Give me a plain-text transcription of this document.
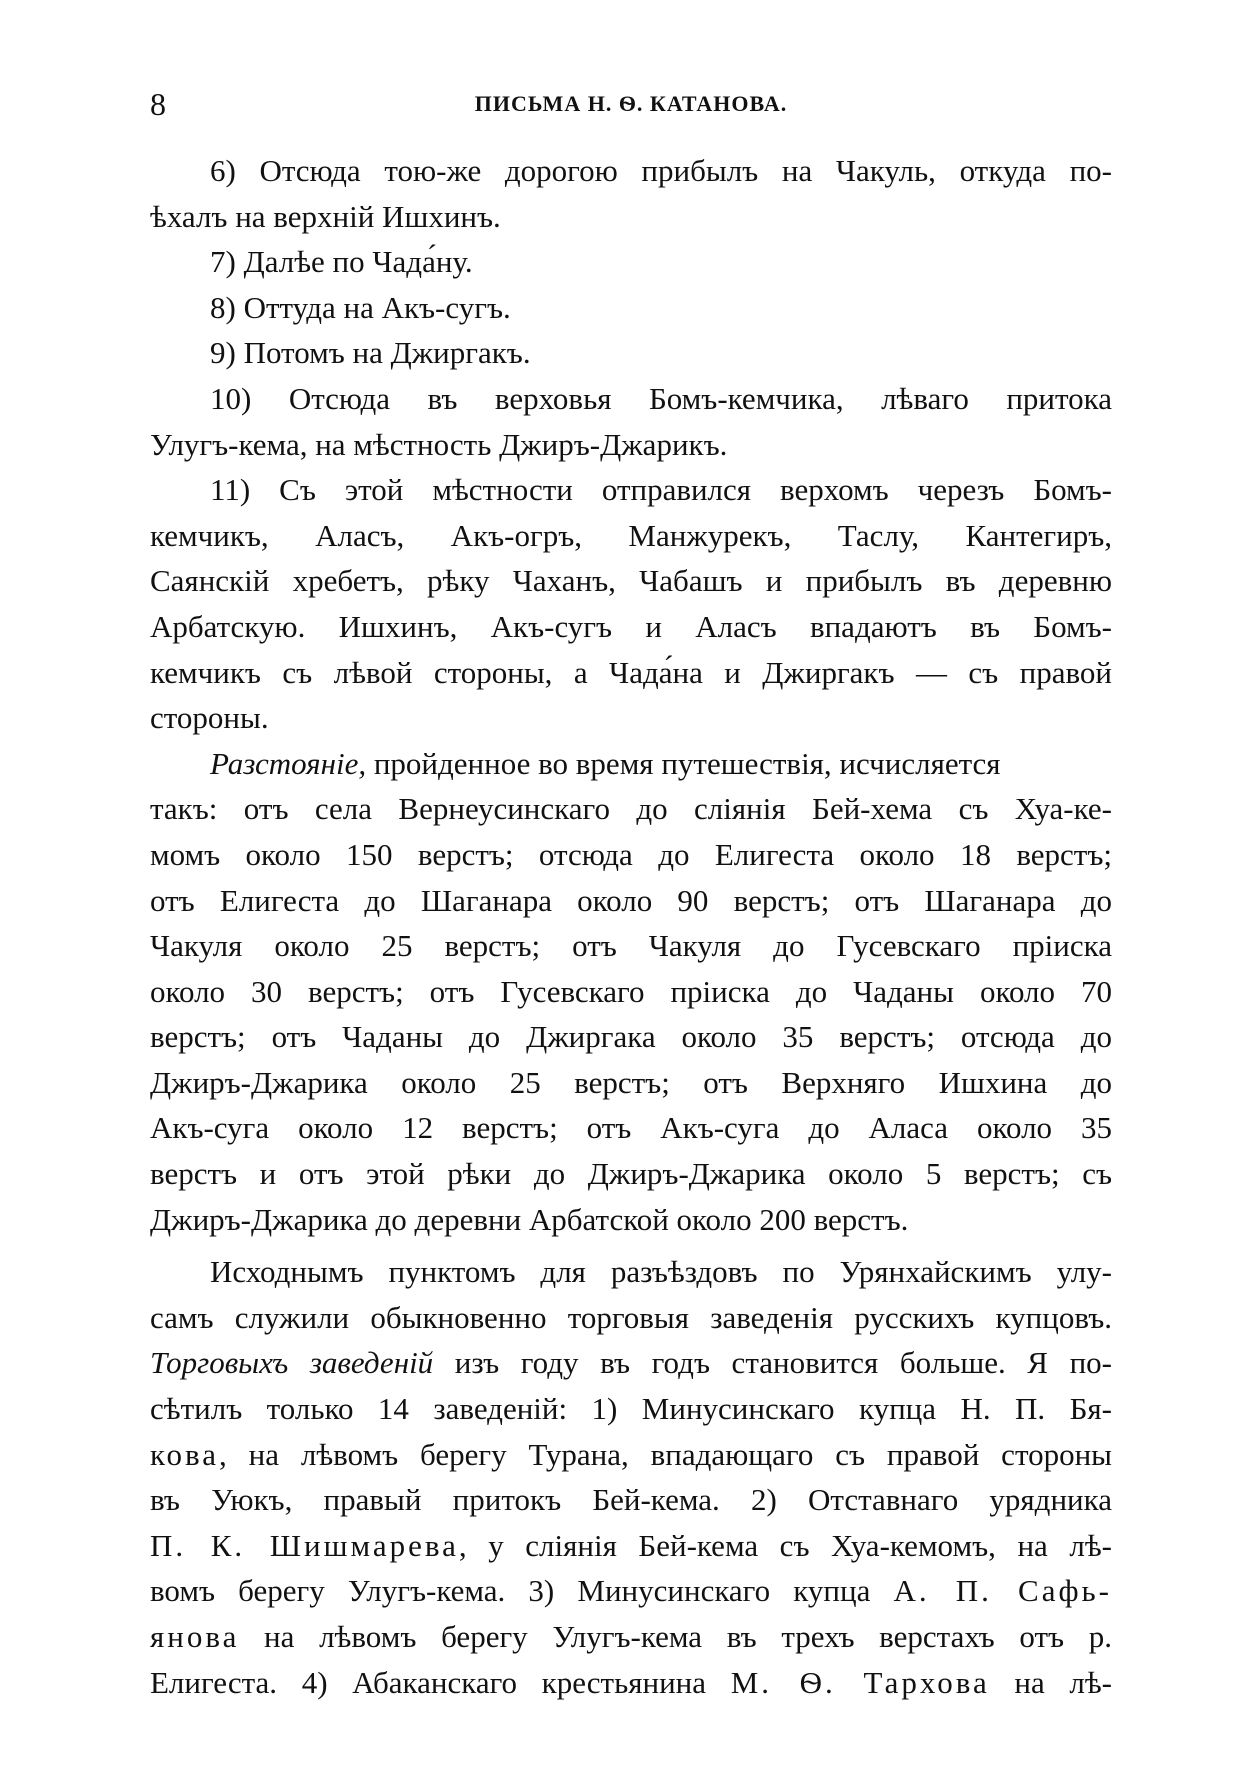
8	ПИСЬМА Н. Ѳ. КАТАНОВА.
6) Отсюда тою-же дорогою прибылъ на Чакуль, откуда по-
ѣхалъ на верхній Ишхинъ.
7) Далѣе по Чада́ну.
8) Оттуда на Акъ-сугъ.
9) Потомъ на Джиргакъ.
10) Отсюда въ верховья Бомъ-кемчика, лѣваго притока
Улугъ-кема, на мѣстность Джиръ-Джарикъ.
11) Съ этой мѣстности отправился верхомъ черезъ Бомъ-
кемчикъ, Аласъ, Акъ-огръ, Манжурекъ, Таслу, Кантегиръ,
Саянскій хребетъ, рѣку Чаханъ, Чабашъ и прибылъ въ деревню
Арбатскую. Ишхинъ, Акъ-сугъ и Аласъ впадаютъ въ Бомъ-
кемчикъ съ лѣвой стороны, а Чада́на и Джиргакъ — съ правой
стороны.
Разстояніе, пройденное во время путешествія, исчисляется
такъ: отъ села Вернеусинскаго до сліянія Бей-хема съ Хуа-ке-
момъ около 150 верстъ; отсюда до Елигеста около 18 верстъ;
отъ Елигеста до Шаганара около 90 верстъ; отъ Шаганара до
Чакуля около 25 верстъ; отъ Чакуля до Гусевскаго пріиска
около 30 верстъ; отъ Гусевскаго пріиска до Чаданы около 70
верстъ; отъ Чаданы до Джиргака около 35 верстъ; отсюда до
Джиръ-Джарика около 25 верстъ; отъ Верхняго Ишхина до
Акъ-суга около 12 верстъ; отъ Акъ-суга до Аласа около 35
верстъ и отъ этой рѣки до Джиръ-Джарика около 5 верстъ; съ
Джиръ-Джарика до деревни Арбатской около 200 верстъ.
Исходнымъ пунктомъ для разъѣздовъ по Урянхайскимъ улу-
самъ служили обыкновенно торговыя заведенія русскихъ купцовъ.
Торговыхъ заведеній изъ году въ годъ становится больше. Я по-
сѣтилъ только 14 заведеній: 1) Минусинскаго купца Н. П. Бя-
кова, на лѣвомъ берегу Турана, впадающаго съ правой стороны
въ Уюкъ, правый притокъ Бей-кема. 2) Отставнаго урядника
П. К. Шишмарева, у сліянія Бей-кема съ Хуа-кемомъ, на лѣ-
вомъ берегу Улугъ-кема. 3) Минусинскаго купца А. П. Сафь-
янова на лѣвомъ берегу Улугъ-кема въ трехъ верстахъ отъ р.
Елигеста. 4) Абаканскаго крестьянина М. Ѳ. Тархова на лѣ-
